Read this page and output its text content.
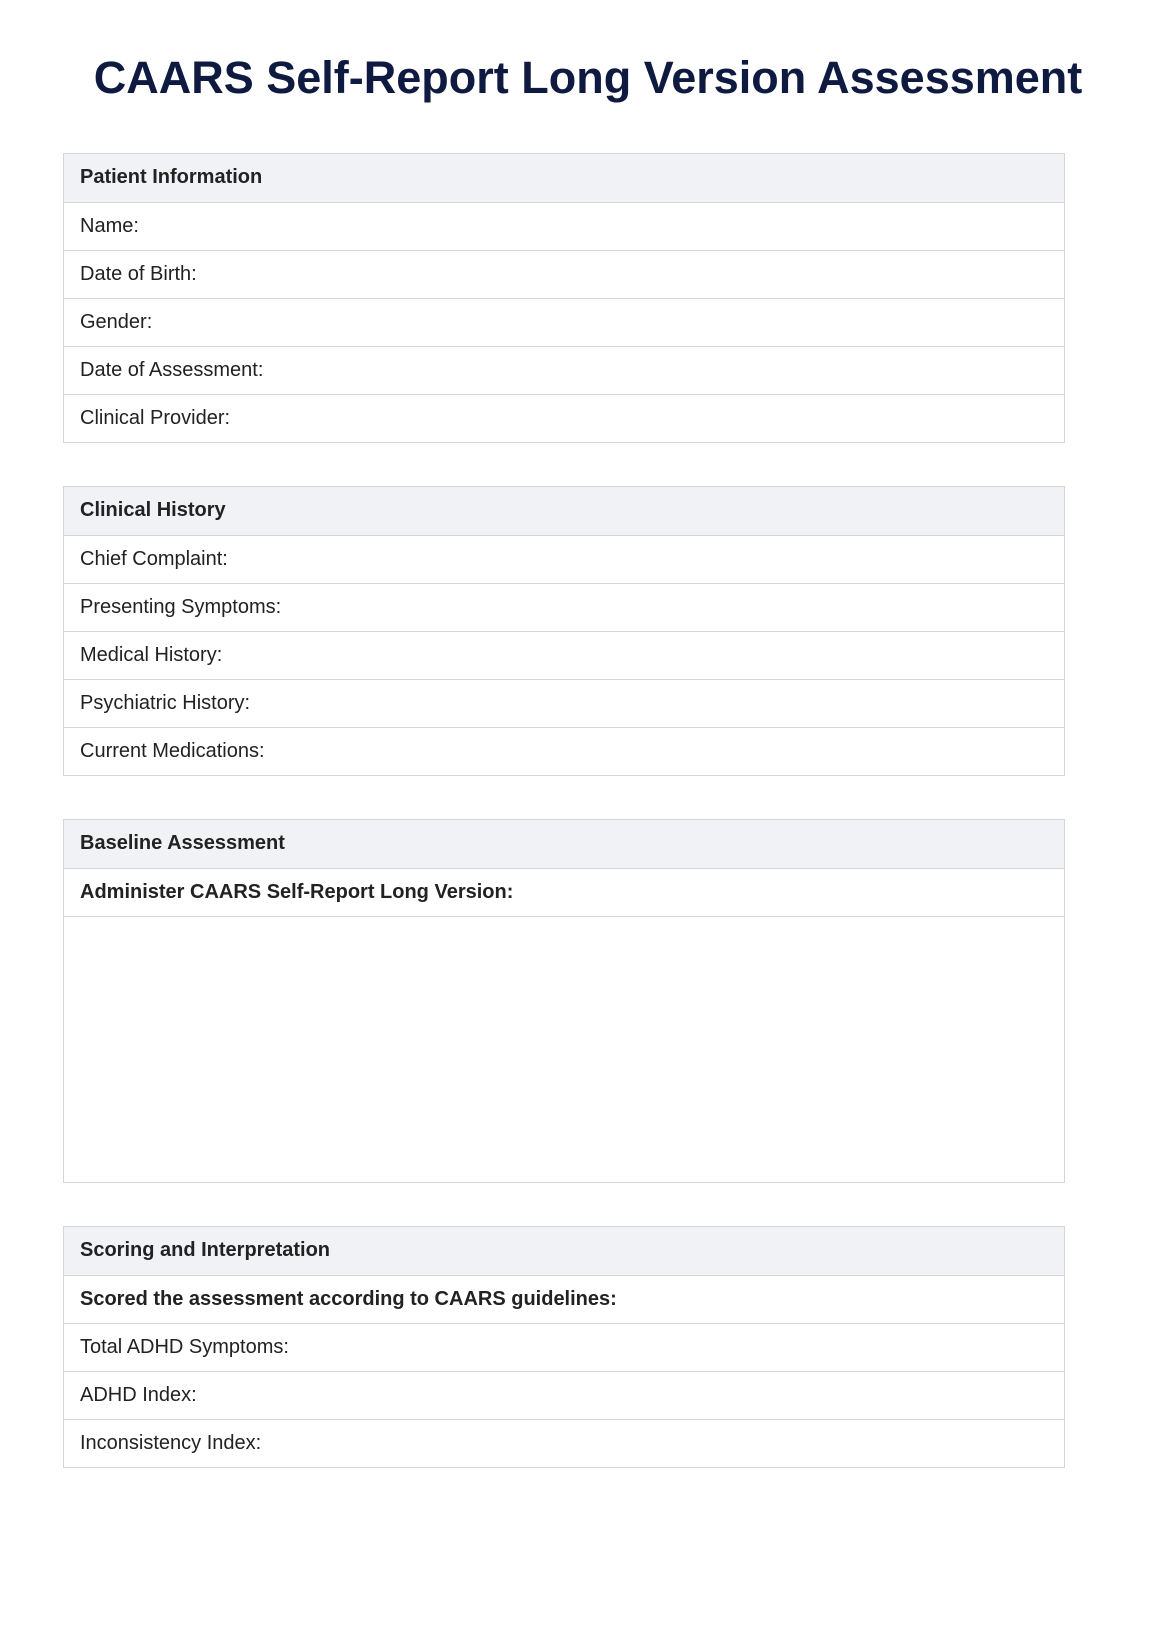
CAARS Self-Report Long Version Assessment
Patient Information
Name:
Date of Birth:
Gender:
Date of Assessment:
Clinical Provider:
Clinical History
Chief Complaint:
Presenting Symptoms:
Medical History:
Psychiatric History:
Current Medications:
Baseline Assessment
Administer CAARS Self-Report Long Version:
Scoring and Interpretation
Scored the assessment according to CAARS guidelines:
Total ADHD Symptoms:
ADHD Index:
Inconsistency Index:
